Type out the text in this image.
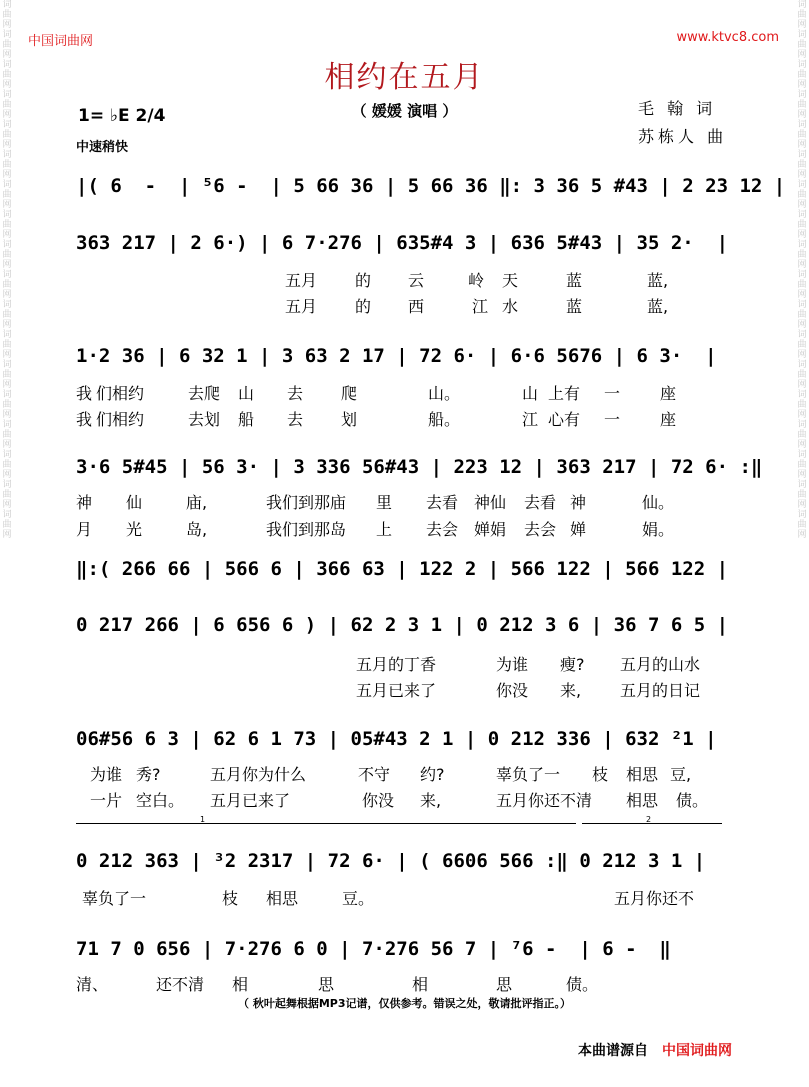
词 曲 网 词 曲 网 词 曲 网 词 曲 网 词 曲 网 词 曲 网 词 曲 网 词 曲 网 词 曲 网 词 曲 网 词 曲 网 词 曲 网 词 曲 网 词 曲 网 词 曲 网 词 曲 网 词 曲 网 词 曲 网
词 曲 网 词 曲 网 词 曲 网 词 曲 网 词 曲 网 词 曲 网 词 曲 网 词 曲 网 词 曲 网 词 曲 网 词 曲 网 词 曲 网 词 曲 网 词 曲 网 词 曲 网 词 曲 网 词 曲 网 词 曲 网
中国词曲网	www.ktvc8.com
相约在五月
（ 媛媛 演唱 ）
1= ♭E 2/4
中速稍快
毛 翰 词
苏栋人 曲
|( 6  -  | ⁵6 -  | 5 66 36 | 5 66 36 ‖: 3 36 5 #43 | 2 23 12 |
363 217 | 2 6·) | 6 7·276 | 635#4 3 | 636 5#43 | 35 2·  |
1·2 36 | 6 32 1 | 3 63 2 17 | 72 6· | 6·6 5676 | 6 3·  |
3·6 5#45 | 56 3· | 3 336 56#43 | 223 12 | 363 217 | 72 6· :‖
‖:( 266 66 | 566 6 | 366 63 | 122 2 | 566 122 | 566 122 |
0 217 266 | 6 656 6 ) | 62 2 3 1 | 0 212 3 6 | 36 7 6 5 |
06#56 6 3 | 62 6 1 73 | 05#43 2 1 | 0 212 336 | 632 ²1 |
0 212 363 | ³2 2317 | 72 6· | ( 6606 566 :‖ 0 212 3 1 |
71 7 0 656 | 7·276 6 0 | 7·276 56 7 | ⁷6 -  | 6 -  ‖
五月 的 云	岭 天	蓝	蓝,
五月 的 西	江 水	蓝	蓝,
我 们相约	去爬 山 去 爬	山。	山 上有 一 座
我 们相约	去划 船 去 划	船。	江 心有 一 座
神 仙	庙,	我们到那庙 里 去看 神仙 去看 神	仙。
月 光	岛,	我们到那岛 上 去会 婵娟 去会 婵	娟。
五月的丁香	为谁 瘦? 五月的山水
五月已来了	你没 来, 五月的日记
为谁 秀?	五月你为什么	不守 约?	辜负了一 枝 相思 豆,
一片 空白。 五月已来了	你没 来,	五月你还不清 相思 债。
1	2
辜负了一	枝 相思	豆。	五月你还不
清、	还不清 相	思	相	思	债。
（ 秋叶起舞根据MP3记谱，仅供参考。错误之处，敬请批评指正。）
本曲谱源自 中国词曲网
